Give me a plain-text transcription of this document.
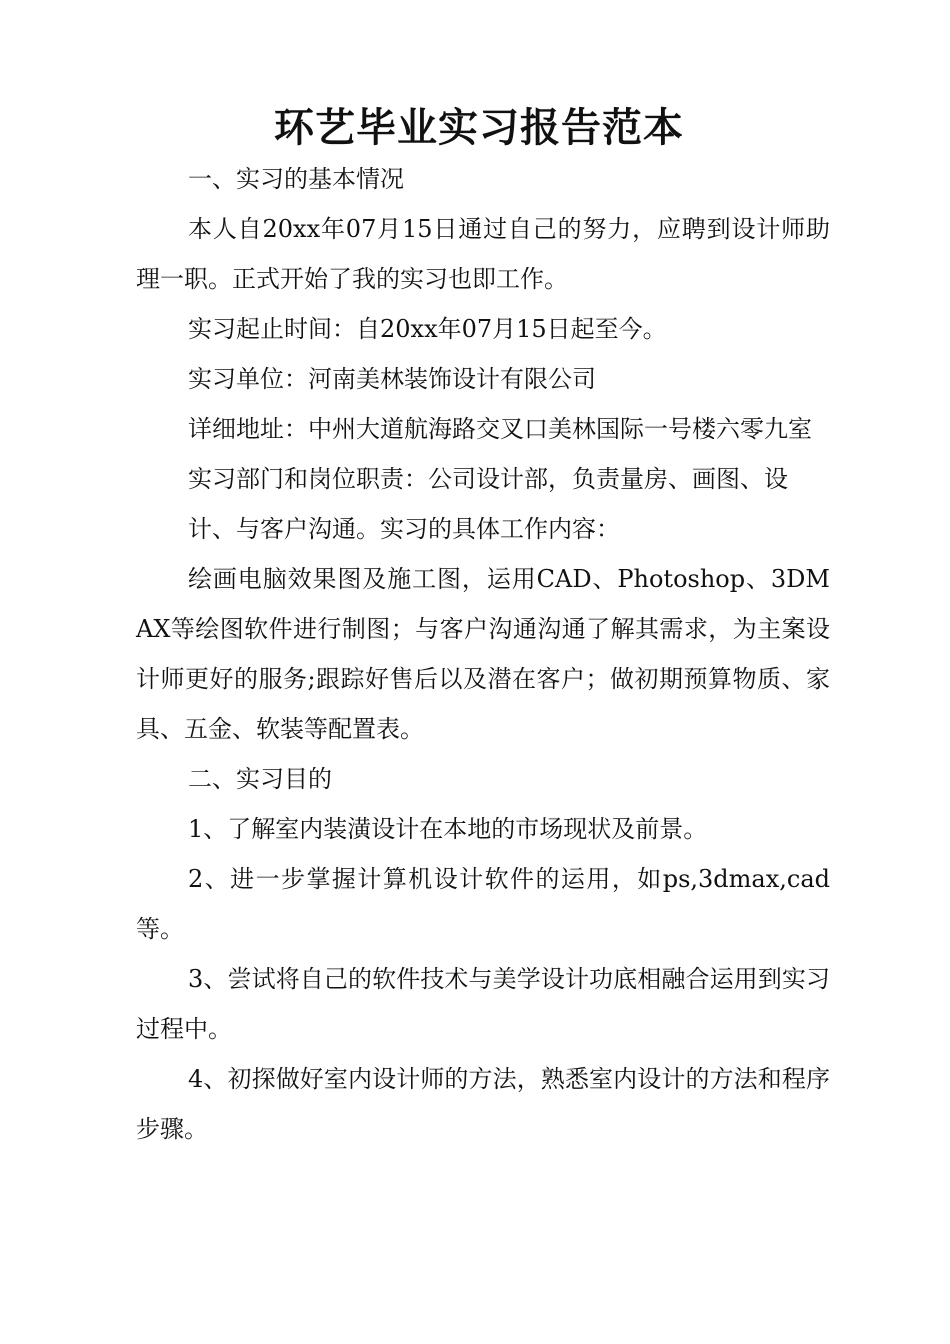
环艺毕业实习报告范本

一、实习的基本情况

本人自20xx年07月15日通过自己的努力，应聘到设计师助理一职。正式开始了我的实习也即工作。

实习起止时间：自20xx年07月15日起至今。

实习单位：河南美林装饰设计有限公司

详细地址：中州大道航海路交叉口美林国际一号楼六零九室

实习部门和岗位职责：公司设计部，负责量房、画图、设

计、与客户沟通。实习的具体工作内容：

绘画电脑效果图及施工图，运用CAD、Photoshop、3DMAX等绘图软件进行制图；与客户沟通沟通了解其需求，为主案设计师更好的服务;跟踪好售后以及潜在客户；做初期预算物质、家具、五金、软装等配置表。

二、实习目的

1、了解室内装潢设计在本地的市场现状及前景。

2、进一步掌握计算机设计软件的运用，如ps,3dmax,cad等。

3、尝试将自己的软件技术与美学设计功底相融合运用到实习过程中。

4、初探做好室内设计师的方法，熟悉室内设计的方法和程序步骤。
